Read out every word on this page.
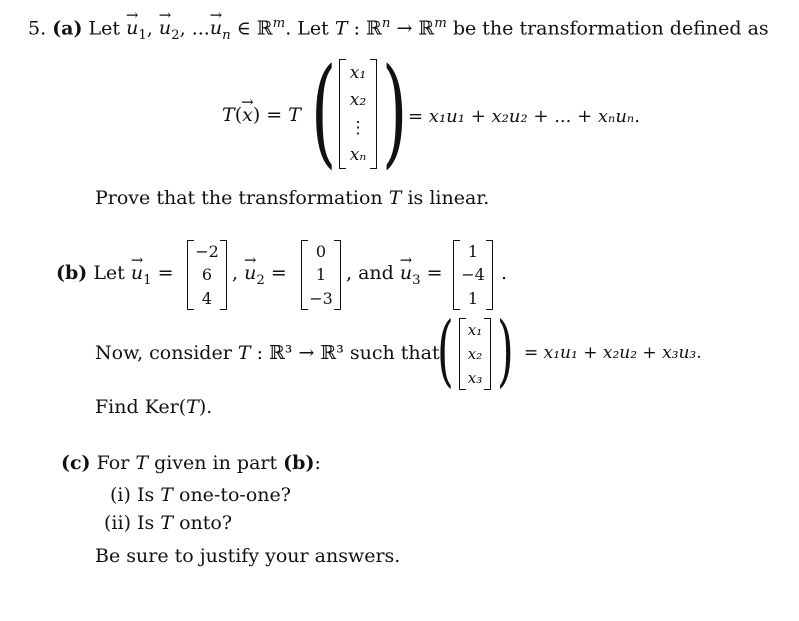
5. (a) Let → $u_1$, → $u_2$, ...→ $u_n$ ∈ ℝ$^m$. Let T : ℝ$^n$ → ℝ$^m$ be the transformation defined as
T(→ x) = T ( x₁
x₂
⋮
xₙ ) = x₁u₁ + x₂u₂ + ... + xₙuₙ.
Prove that the transformation T is linear.
(b) Let → $u_1$ =
−2
6
4
, → $u_2$ =
0
1
−3
, and → $u_3$ =
1
−4
1
.
Now, consider T : ℝ³ → ℝ³ such that
( x₁
x₂
x₃ ) = x₁u₁ + x₂u₂ + x₃u₃.
Find Ker(T).
(c) For T given in part (b):
(i) Is T one-to-one?
(ii) Is T onto?
Be sure to justify your answers.
